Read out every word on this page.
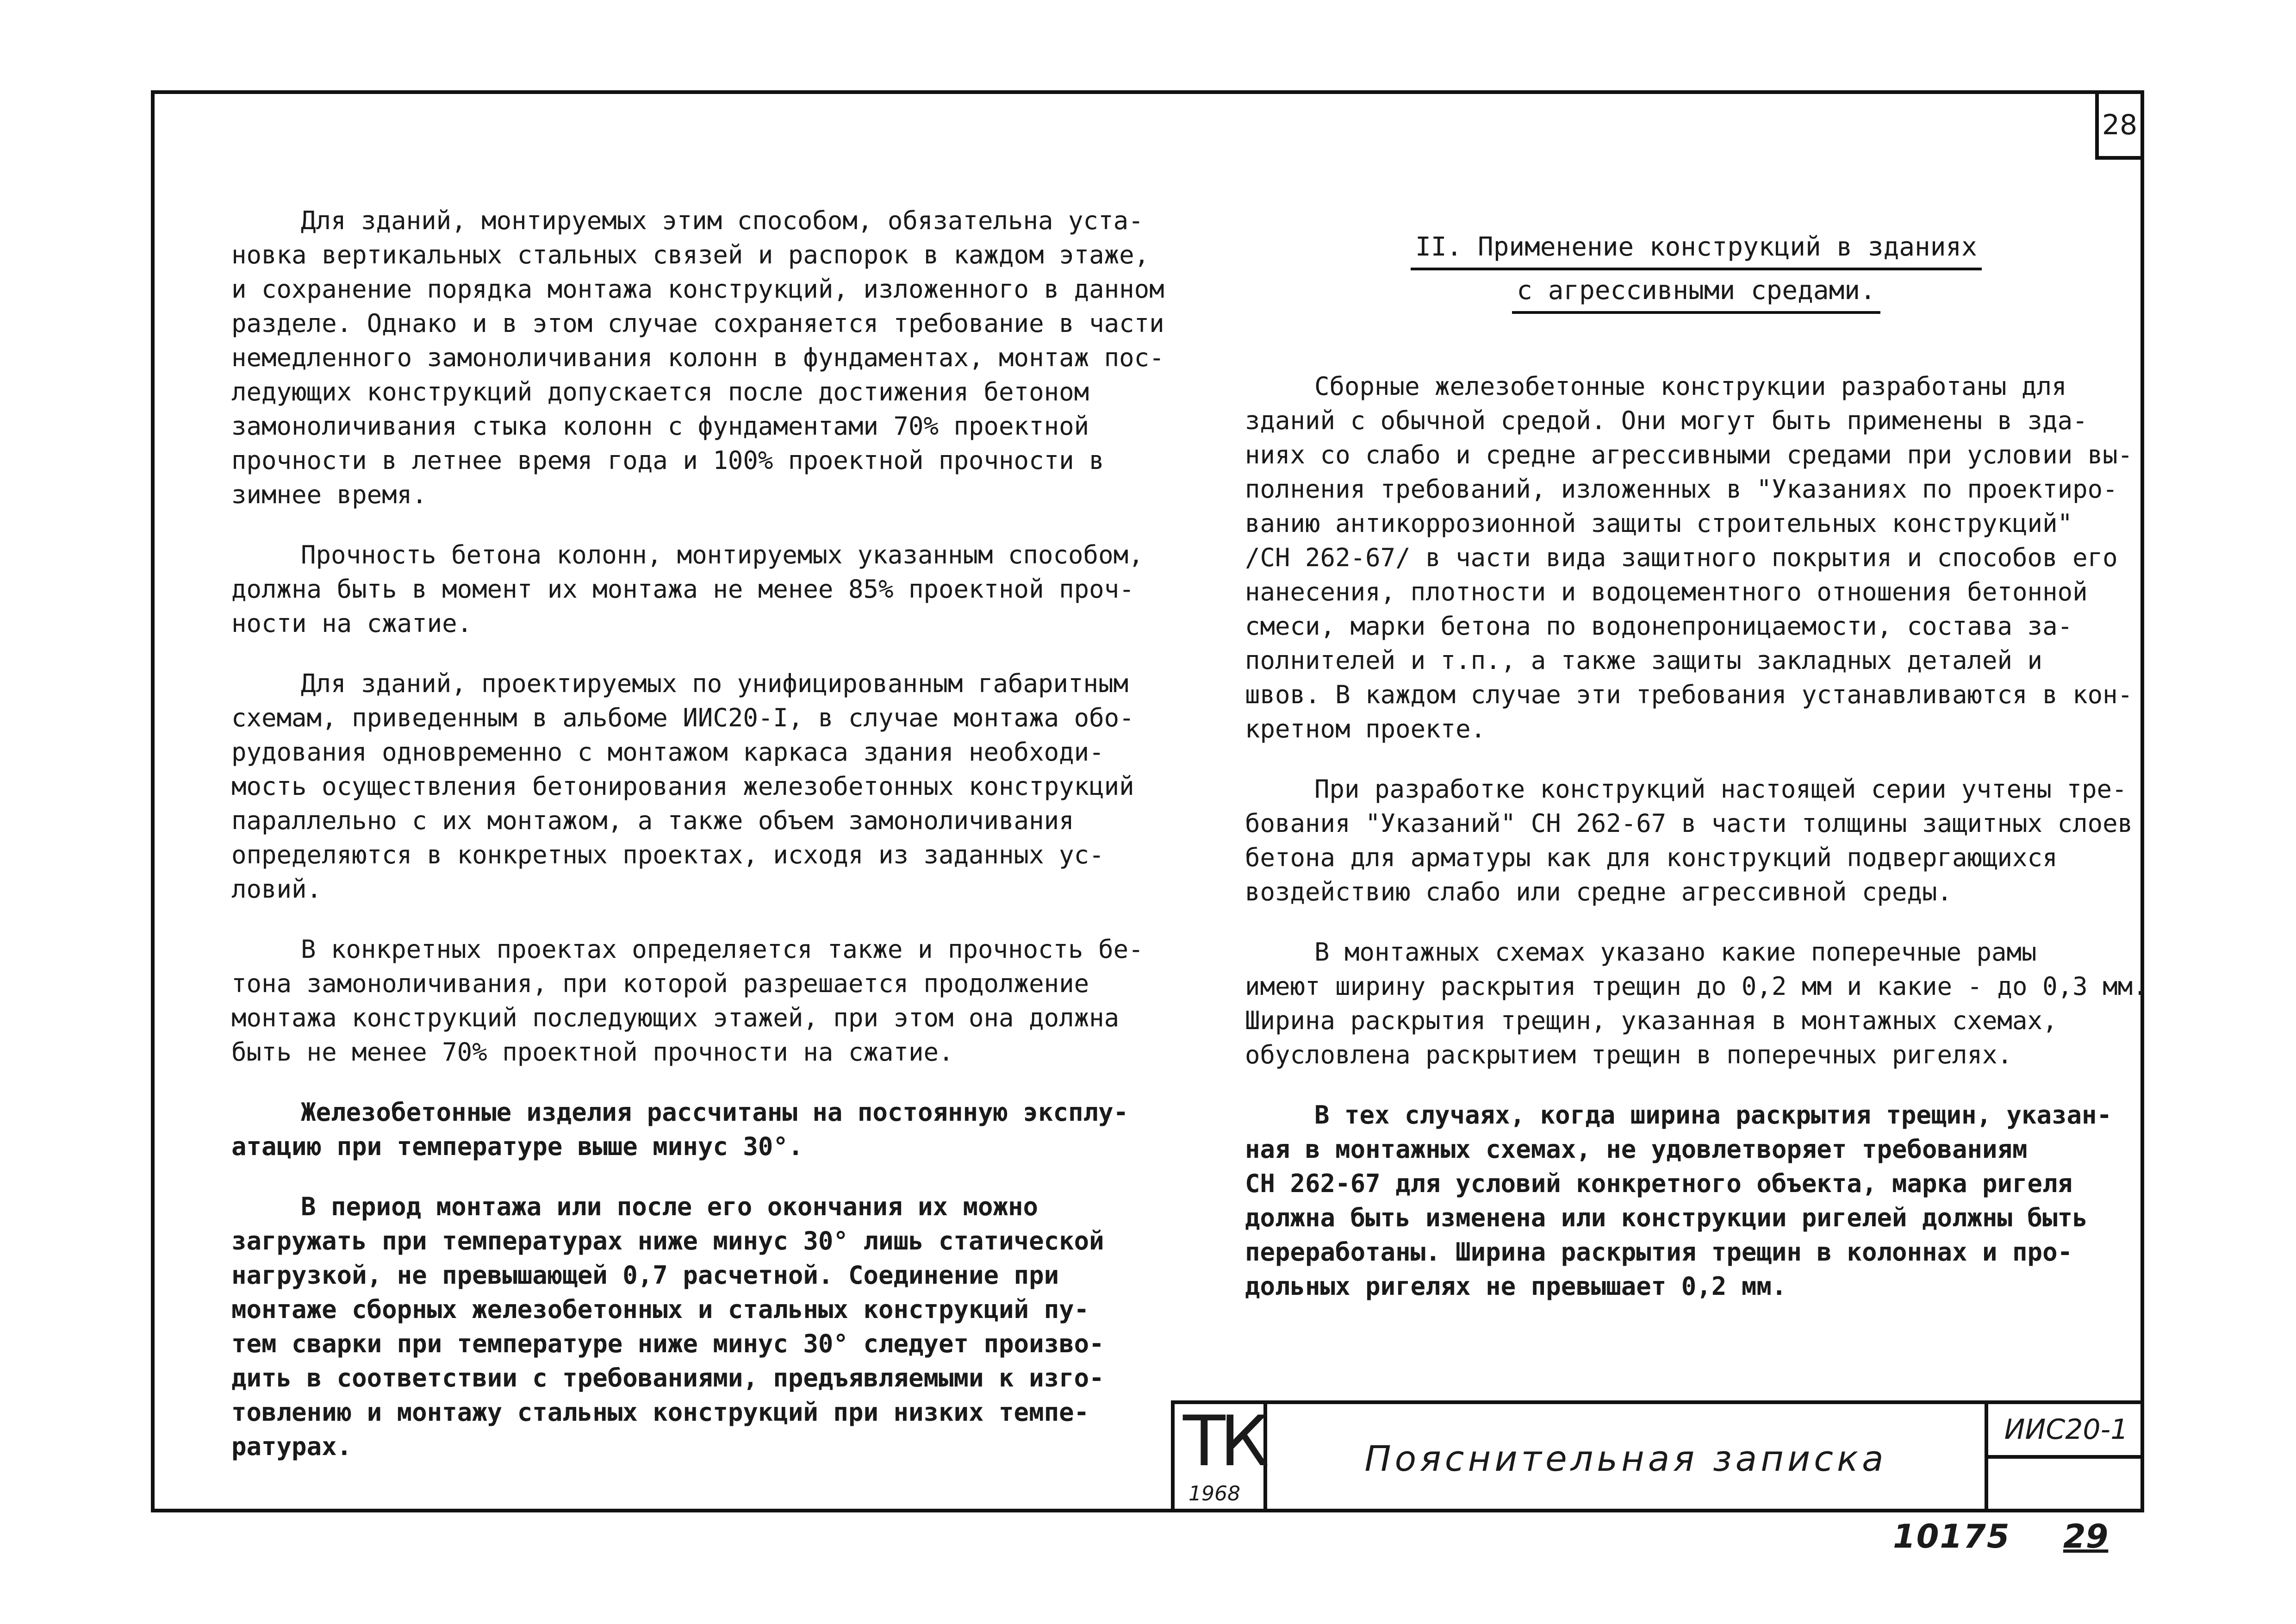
28

Для зданий, монтируемых этим способом, обязательна уста-
новка вертикальных стальных связей и распорок в каждом этаже,
и сохранение порядка монтажа конструкций, изложенного в данном
разделе. Однако и в этом случае сохраняется требование в части
немедленного замоноличивания колонн в фундаментах, монтаж пос-
ледующих конструкций допускается после достижения бетоном
замоноличивания стыка колонн с фундаментами 70% проектной
прочности в летнее время года и 100% проектной прочности в
зимнее время.

Прочность бетона колонн, монтируемых указанным способом,
должна быть в момент их монтажа не менее 85% проектной проч-
ности на сжатие.

Для зданий, проектируемых по унифицированным габаритным
схемам, приведенным в альбоме ИИС20-I, в случае монтажа обо-
рудования одновременно с монтажом каркаса здания необходи-
мость осуществления бетонирования железобетонных конструкций
параллельно с их монтажом, а также объем замоноличивания
определяются в конкретных проектах, исходя из заданных ус-
ловий.

В конкретных проектах определяется также и прочность бе-
тона замоноличивания, при которой разрешается продолжение
монтажа конструкций последующих этажей, при этом она должна
быть не менее 70% проектной прочности на сжатие.

Железобетонные изделия рассчитаны на постоянную эксплу-
атацию при температуре выше минус 30°.

В период монтажа или после его окончания их можно
загружать при температурах ниже минус 30° лишь статической
нагрузкой, не превышающей 0,7 расчетной. Соединение при
монтаже сборных железобетонных и стальных конструкций пу-
тем сварки при температуре ниже минус 30° следует произво-
дить в соответствии с требованиями, предъявляемыми к изго-
товлению и монтажу стальных конструкций при низких темпе-
ратурах.

II. Применение конструкций в зданиях
с агрессивными средами.

Сборные железобетонные конструкции разработаны для
зданий с обычной средой. Они могут быть применены в зда-
ниях со слабо и средне агрессивными средами при условии вы-
полнения требований, изложенных в "Указаниях по проектиро-
ванию антикоррозионной защиты строительных конструкций"
/СН 262-67/ в части вида защитного покрытия и способов его
нанесения, плотности и водоцементного отношения бетонной
смеси, марки бетона по водонепроницаемости, состава за-
полнителей и т.п., а также защиты закладных деталей и
швов. В каждом случае эти требования устанавливаются в кон-
кретном проекте.

При разработке конструкций настоящей серии учтены тре-
бования "Указаний" СН 262-67 в части толщины защитных слоев
бетона для арматуры как для конструкций подвергающихся
воздействию слабо или средне агрессивной среды.

В монтажных схемах указано какие поперечные рамы
имеют ширину раскрытия трещин до 0,2 мм и какие - до 0,3 мм.
Ширина раскрытия трещин, указанная в монтажных схемах,
обусловлена раскрытием трещин в поперечных ригелях.

В тех случаях, когда ширина раскрытия трещин, указан-
ная в монтажных схемах, не удовлетворяет требованиям
СН 262-67 для условий конкретного объекта, марка ригеля
должна быть изменена или конструкции ригелей должны быть
переработаны. Ширина раскрытия трещин в колоннах и про-
дольных ригелях не превышает 0,2 мм.

ТК
1968
Пояснительная записка
ИИС20-1
10175 29
